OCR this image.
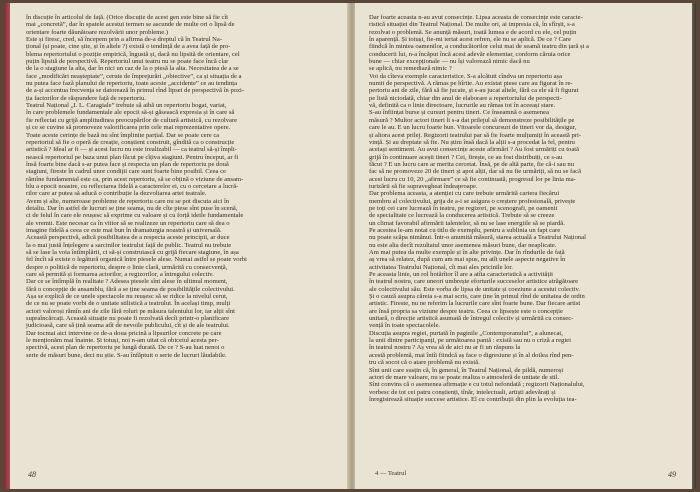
în discuție în articolul de față. (Orice discuție de acest gen este bine să fie cît
mai „concretă”, dar în spatele acestui termen se ascunde de multe ori o lipsă de
orientare foarte dăunătoare rezolvării unor probleme.)
Este și firesc, cred, să începem prin a afirma de-a dreptul că în Teatrul Na-
țional (și poate, cine știe, și în altele ?) există o tendință de a avea față de pro-
blema repertoriului o poziție empirică, îngustă și, dacă nu lipsită de orientare, cel
puțin lipsită de perspectivă. Repertoriul unui teatru nu se poate face încă clar
de la o stagiune la alta, dar în nici un caz de la o piesă la alta. Necesitatea de a se
face „modificări neașteptate”, cerute de împrejurări „obiective”, ca și situația de a
nu putea face fază planului de repertoriu, toate aceste „accidente” ce au tendința
de a-și accentua frecvența se datorează în primul rînd lipsei de perspectivă în pozi-
ția factorilor de răspundere față de repertoriu.
Teatrul Național „I. L. Caragiale” trebuie să aibă un repertoriu bogat, variat,
în care problemele fundamentale ale epocii să-și găsească expresia și în care să
fie reflectat cu grijă amplitudinea preocupărilor de cultură artistică, cu rezolvare
și ce se cuvine să promoveze valorificarea prin cele mai reprezentative opere.
Toate aceste cerințe de bază nu sînt împlinite parțial. Dar se poate cere ca
repertoriul să fie o operă de creație, conștient construit, gîndită ca o construcție
artistică ? Ideal ar fi — și acest lucru nu este irealizabil — ca teatrul să-și împli-
nească repertoriul pe baza unui plan făcut pe cîțiva stagiuni. Pentru început, ar fi
însă foarte bine dacă s-ar putea face și respecta un plan de repertoriu pe două
stagiuni, fireste în cadrul unor condiții care sunt foarte bine posibil. Ceea ce
rămîne fundamental este ca, prin acest repertoriu, să se obțină o viziune de ansam-
blu a epocii noastre, cu reflectarea fidelă a caracterelor ei, cu o cercetare a lucră-
rilor care ar putea să aducă o contribuție la dezvoltarea artei teatrale.
Avem și alte, numeroase probleme de repertoriu care nu se pot discuta aici în
detaliu. Dar în astfel de lucruri se ține seama, nu de cîte piese sînt puse în scenă,
ci de felul în care ele reușesc să exprime cu valoare și cu forță ideile fundamentale
ale vremii. Este necesar ca în viitor să se realizeze un repertoriu care să dea o
imagine fidelă a ceea ce este mai bun în dramaturgia noastră și universală.
Această perspectivă, adică posibilitatea de a respecta aceste principii, ar duce
la o mai justă înțelegere a sarcinilor teatrului față de public. Teatrul nu trebuie
să se lase la voia întîmplării, ci să-și construiască cu grijă fiecare stagiune, în așa
fel încît să existe o legătură organică între piesele alese. Numai astfel se poate vorbi
despre o politică de repertoriu, despre o linie clară, urmărită cu consecvență,
care să permită și formarea actorilor, a regizorilor, a întregului colectiv.
Dar ce se întîmplă în realitate ? Adesea piesele sînt alese în ultimul moment,
fără o concepție de ansamblu, fără a se ține seama de posibilitățile colectivului.
Așa se explică de ce unele spectacole nu reușesc să se ridice la nivelul cerut,
de ce nu se poate vorbi de o unitate stilistică a teatrului. În același timp, mulți
actori valoroși rămîn ani de zile fără roluri pe măsura talentului lor, iar alții sînt
supraîncărcați. Această situație nu poate fi rezolvată decît printr-o planificare
judicioasă, care să țină seama atît de nevoile publicului, cît și de ale teatrului.
Dar tocmai aici intervine ce de-a doua pricină a lipsurilor concrete pe care
le menționăm mai înainte. Și totuși, noi n-am uitat că obiceiul acesta per-
spectivă, acest plan de repertoriu pe lungă durată. De ce ? S-au luat nenoi o
serie de măsuri bune, deci nu știe. S-au înfăptuit o serie de lucruri lăudabile.
48
Dar foarte aceasta n-au avut consecințe. Lipsa aceasta de consecințe este caracte-
ristică situației din Teatrul Național. De multe ori, ai impresia că, în sfîrșit, s-a
rezolvat o problemă. Se anunță măsuri, toată lumea e de acord cu ele, cel puțin
în aparență. Și totuși, fie-mi iertat acest refren, ele nu se aplică. De ce ? Care
fiindcă în mintea oamenilor, a conducătorilor celui mai de seamă teatru din țară și a
conducerii lui, n-a încăput încă acest adevăr elementar, conform căruia orice
bune — chiar excepționale — nu își valorează nimic dacă nu
se aplică, nu remediază nimic ?
Voi da cîteva exemple caracteristice. S-a alcătuit cîndva un repertoriu așa
numit de perspectivă. A rămas pe hîrtie. Au existat piese care au figurat în re-
pertoriu ani de zile, fără să fie jucate, și s-au jucat altele, fără ca ele să fi figurat
pe listă niciodată, chiar din anul de elaborare a repertoriului de perspecti-
vă, definită ca o linie directoare, lucrurile au rămas tot în aceeași stare.
S-au înființat burse și cursuri pentru tineri. Ce înseamnă o asemenea
măsură ? Multor actori tineri li s-a dat prilejul să demonstreze posibilitățile pe
care le au. E un lucru foarte bun. Vitoarele concursuri de tineri vor da, desigur,
și altora acest prilej. Regizorii teatrului par să fie foarte mulțumiți în această pri-
vință. Și au dreptate să fie. Nu știm însă dacă la alții s-a procedat la fel, pentru
aceiași sentiment. Au avut consecințe aceste afirmări ? Au fost urmăriți cu toată
grijă în continuare acești tineri ? Cei, firește, ce au fost distribuiți, ce s-au
făcut ? E un lucru care ar merita cercetat. Însă, pe de altă parte, fie că-i sau nu
fac să ne promoveze 20 de tineri și apoi alții, dar să nu fie urmăriți, să nu se facă
acest lucru cu 10, 20 „afirmare” ce să fie continuată, progresul lor pe linia ma-
turizării să fie supravegheat îndeaproape.
Dar problema aceasta, a atenției cu care trebuie urmărită cariera fiecărui
membru al colectivului, grija de a-i se asigura o creștere profesională, privește
pe toți cei care lucrează în teatru, pe regizori, pe scenografi, pe oamenii
de specialitate ce lucrează la conducerea artistică. Trebuie să se creeze
un climat favorabil afirmării talentelor, să nu se lase energiile să se piardă.
Pe acestea le-am notat cu titlu de exemplu, pentru a sublinia un fapt care
nu poate scăpa nimănui. Într-o anumită măsură, starea actuală a Teatrului Național
nu este alta decît rezultatul unor asemenea măsuri bune, dar neaplicate.
Am mai putea da multe exemple și în alte privințe. Dar în rîndurile de față
aș vrea să relatez, după cum am mai spus, nu atît unele aspecte negative în
activitatea Teatrului Național, cît mai ales pricinile lor.
Pe aceasta linie, un rol hotărîtor îl are a atîta caracteristică a activității
în teatrul nostru, care uneori umbrește eforturile succeselor artistice atrăgătoare
ale colectivului său. Este vorba de lipsa de unitate și coeziune a acestui colectiv.
Și o cauză asupra căreia s-a mai scris, care ține în primul rînd de unitatea de ordin
artistic. Fireste, nu ne referim la lucrurile care sînt foarte bune. Dar fiecare artist
are însă propria sa viziune despre teatru. Ceea ce lipsește este o concepție
unitară, o direcție artistică asumată de întregul colectiv și urmărită cu consec-
vență în toate spectacolele.
Discuția asupra regiei, purtată în paginile „Contemporanului”, a alunecat,
la unii dintre participanți, pe următoarea pantă : există sau nu o criză a regiei
în teatrul nostru ? Aș vrea să de aici nu ar fi un răspuns la
acestă problemă, mai întîi fiindcă aș face o digresiune și în al doilea rînd pen-
tru că socot că o atare problemă nu există.
Sînt unii care susțin că, în general, în Teatrul Național, de pildă, numeroși
actori de mare valoare, nu se poate realiza o atmosferă de unitate de stil.
Sînt convins că o asemenea afirmație e cu totul nefondată ; regizorii Naționalului,
vorbesc de tot cei patru conștienți, tînăr, intelectuali, artiști adevărați și
înregistrează situație succese artistice. El cu contribuții din plin la evoluția tea-
4 — Teatrul	49
